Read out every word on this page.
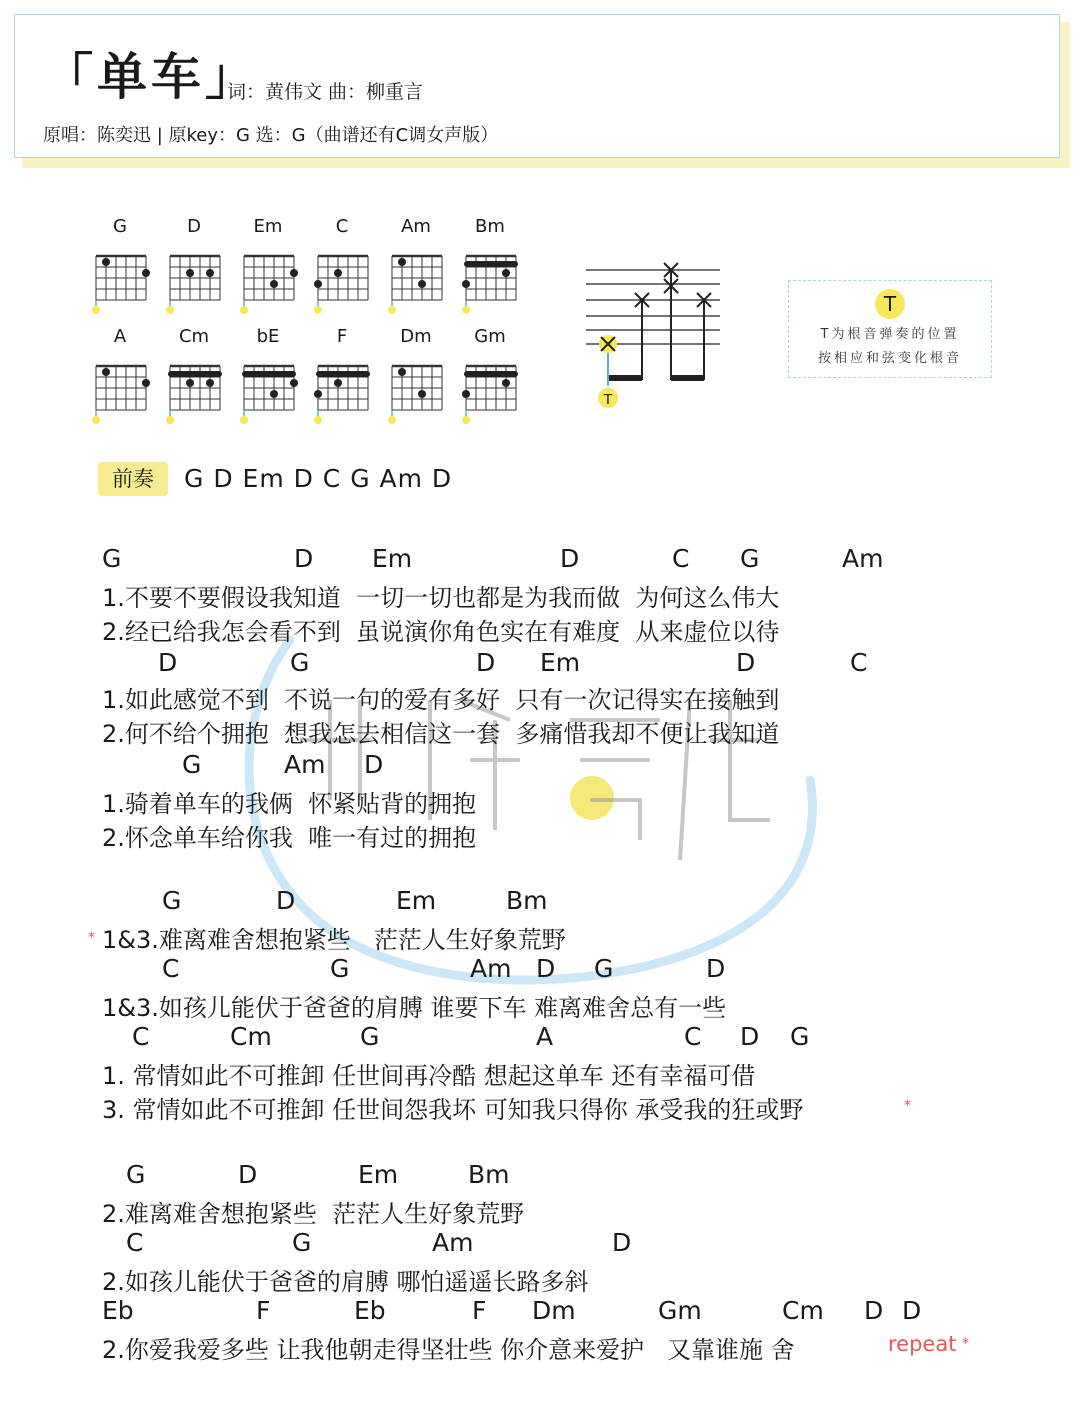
「单车」
词：黄伟文 曲：柳重言
原唱：陈奕迅 | 原key：G 选：G（曲谱还有C调女声版）
G	D	Em	C	Am	Bm
A	Cm	bE	F	Dm	Gm
T
T
T为根音弹奏的位置
按相应和弦变化根音
前奏	G D Em D C G Am D
G	D Em	D	C G	Am
1.不要不要假设我知道  一切一切也都是为我而做  为何这么伟大
2.经已给我怎会看不到  虽说演你角色实在有难度  从来虚位以待
D	G	D Em	D	C
1.如此感觉不到  不说一句的爱有多好  只有一次记得实在接触到
2.何不给个拥抱  想我怎去相信这一套  多痛惜我却不便让我知道
G	Am D
1.骑着单车的我俩  怀紧贴背的拥抱
2.怀念单车给你我  唯一有过的拥抱
G	D	Em	Bm
* 1&3.难离难舍想抱紧些   茫茫人生好象荒野
C	G	Am D G	D
1&3.如孩儿能伏于爸爸的肩膊 谁要下车 难离难舍总有一些
C	Cm	G	A	C D G
1. 常情如此不可推卸 任世间再冷酷 想起这单车 还有幸福可借
3. 常情如此不可推卸 任世间怨我坏 可知我只得你 承受我的狂或野	*
G	D	Em	Bm
2.难离难舍想抱紧些  茫茫人生好象荒野
C	G	Am	D
2.如孩儿能伏于爸爸的肩膊 哪怕遥遥长路多斜
Eb	F	Eb	F Dm	Gm	Cm D D
2.你爱我爱多些 让我他朝走得坚壮些 你介意来爱护   又靠谁施 舍	repeat *
